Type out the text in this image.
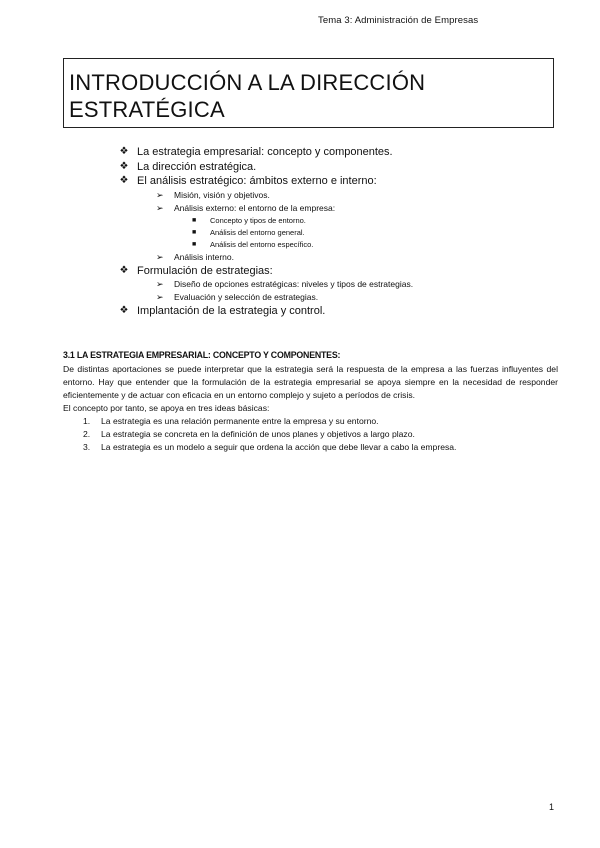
Tema 3: Administración de Empresas
INTRODUCCIÓN A LA DIRECCIÓN
ESTRATÉGICA
❖ La estrategia empresarial: concepto y componentes.
❖ La dirección estratégica.
❖ El análisis estratégico: ámbitos externo e interno:
➢ Misión, visión y objetivos.
➢ Análisis externo: el entorno de la empresa:
■ Concepto y tipos de entorno.
■ Análisis del entorno general.
■ Análisis del entorno específico.
➢ Análisis interno.
❖ Formulación de estrategias:
➢ Diseño de opciones estratégicas: niveles y tipos de estrategias.
➢ Evaluación y selección de estrategias.
❖ Implantación de la estrategia y control.
3.1 LA ESTRATEGIA EMPRESARIAL: CONCEPTO Y COMPONENTES:
De distintas aportaciones se puede interpretar que la estrategia será la respuesta de la empresa a las fuerzas influyentes del entorno. Hay que entender que la formulación de la estrategia empresarial se apoya siempre en la necesidad de responder eficientemente y de actuar con eficacia en un entorno complejo y sujeto a períodos de crisis.
El concepto por tanto, se apoya en tres ideas básicas:
1. La estrategia es una relación permanente entre la empresa y su entorno.
2. La estrategia se concreta en la definición de unos planes y objetivos a largo plazo.
3. La estrategia es un modelo a seguir que ordena la acción que debe llevar a cabo la empresa.
1
